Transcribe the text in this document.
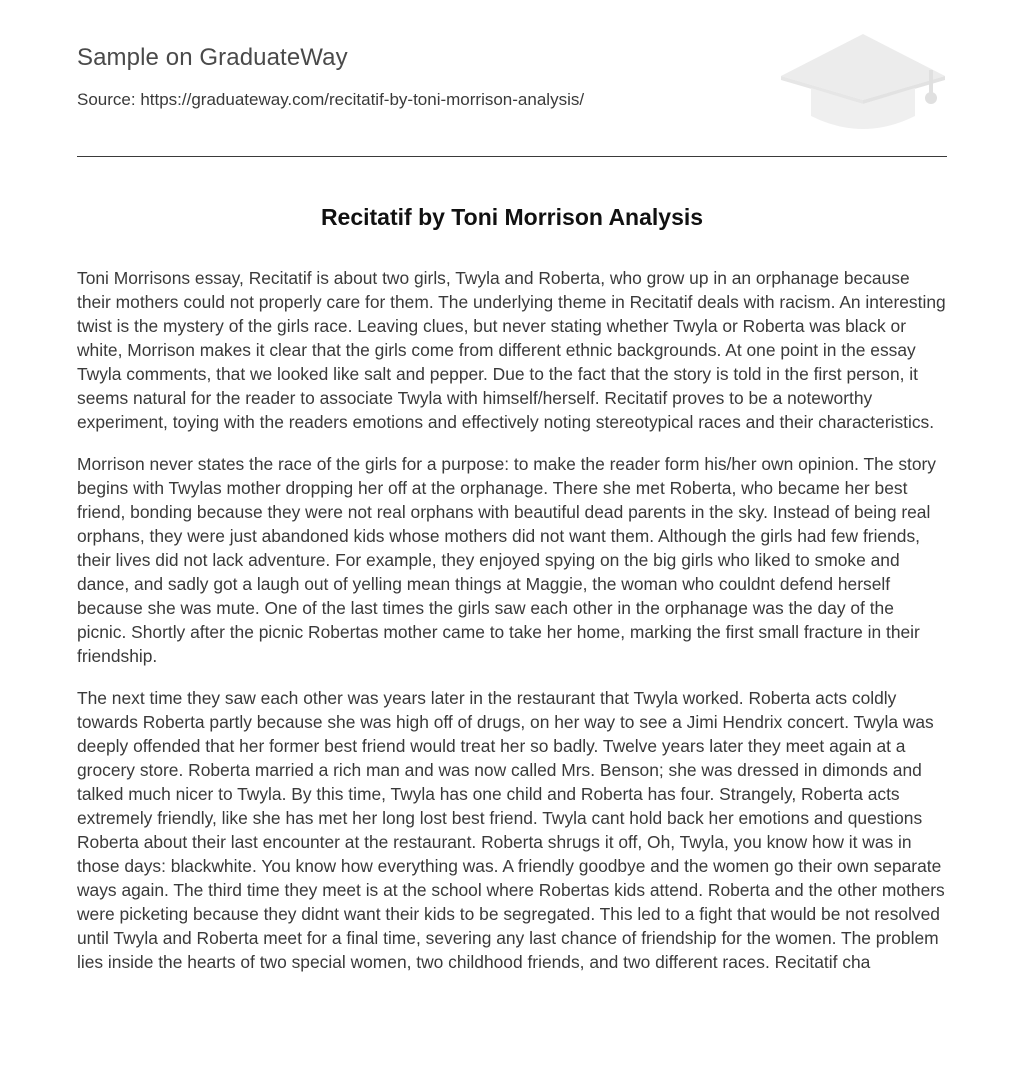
Sample on GraduateWay
Source: https://graduateway.com/recitatif-by-toni-morrison-analysis/
Recitatif by Toni Morrison Analysis

Toni Morrisons essay, Recitatif is about two girls, Twyla and Roberta, who grow up in an orphanage because their mothers could not properly care for them. The underlying theme in Recitatif deals with racism. An interesting twist is the mystery of the girls race. Leaving clues, but never stating whether Twyla or Roberta was black or white, Morrison makes it clear that the girls come from different ethnic backgrounds. At one point in the essay Twyla comments, that we looked like salt and pepper. Due to the fact that the story is told in the first person, it seems natural for the reader to associate Twyla with himself/herself. Recitatif proves to be a noteworthy experiment, toying with the readers emotions and effectively noting stereotypical races and their characteristics.

Morrison never states the race of the girls for a purpose: to make the reader form his/her own opinion. The story begins with Twylas mother dropping her off at the orphanage. There she met Roberta, who became her best friend, bonding because they were not real orphans with beautiful dead parents in the sky. Instead of being real orphans, they were just abandoned kids whose mothers did not want them. Although the girls had few friends, their lives did not lack adventure. For example, they enjoyed spying on the big girls who liked to smoke and dance, and sadly got a laugh out of yelling mean things at Maggie, the woman who couldnt defend herself because she was mute. One of the last times the girls saw each other in the orphanage was the day of the picnic. Shortly after the picnic Robertas mother came to take her home, marking the first small fracture in their friendship.

The next time they saw each other was years later in the restaurant that Twyla worked. Roberta acts coldly towards Roberta partly because she was high off of drugs, on her way to see a Jimi Hendrix concert. Twyla was deeply offended that her former best friend would treat her so badly. Twelve years later they meet again at a grocery store. Roberta married a rich man and was now called Mrs. Benson; she was dressed in dimonds and talked much nicer to Twyla. By this time, Twyla has one child and Roberta has four. Strangely, Roberta acts extremely friendly, like she has met her long lost best friend. Twyla cant hold back her emotions and questions Roberta about their last encounter at the restaurant. Roberta shrugs it off, Oh, Twyla, you know how it was in those days: blackwhite. You know how everything was. A friendly goodbye and the women go their own separate ways again. The third time they meet is at the school where Robertas kids attend. Roberta and the other mothers were picketing because they didnt want their kids to be segregated. This led to a fight that would be not resolved until Twyla and Roberta meet for a final time, severing any last chance of friendship for the women. The problem lies inside the hearts of two special women, two childhood friends, and two different races. Recitatif cha
